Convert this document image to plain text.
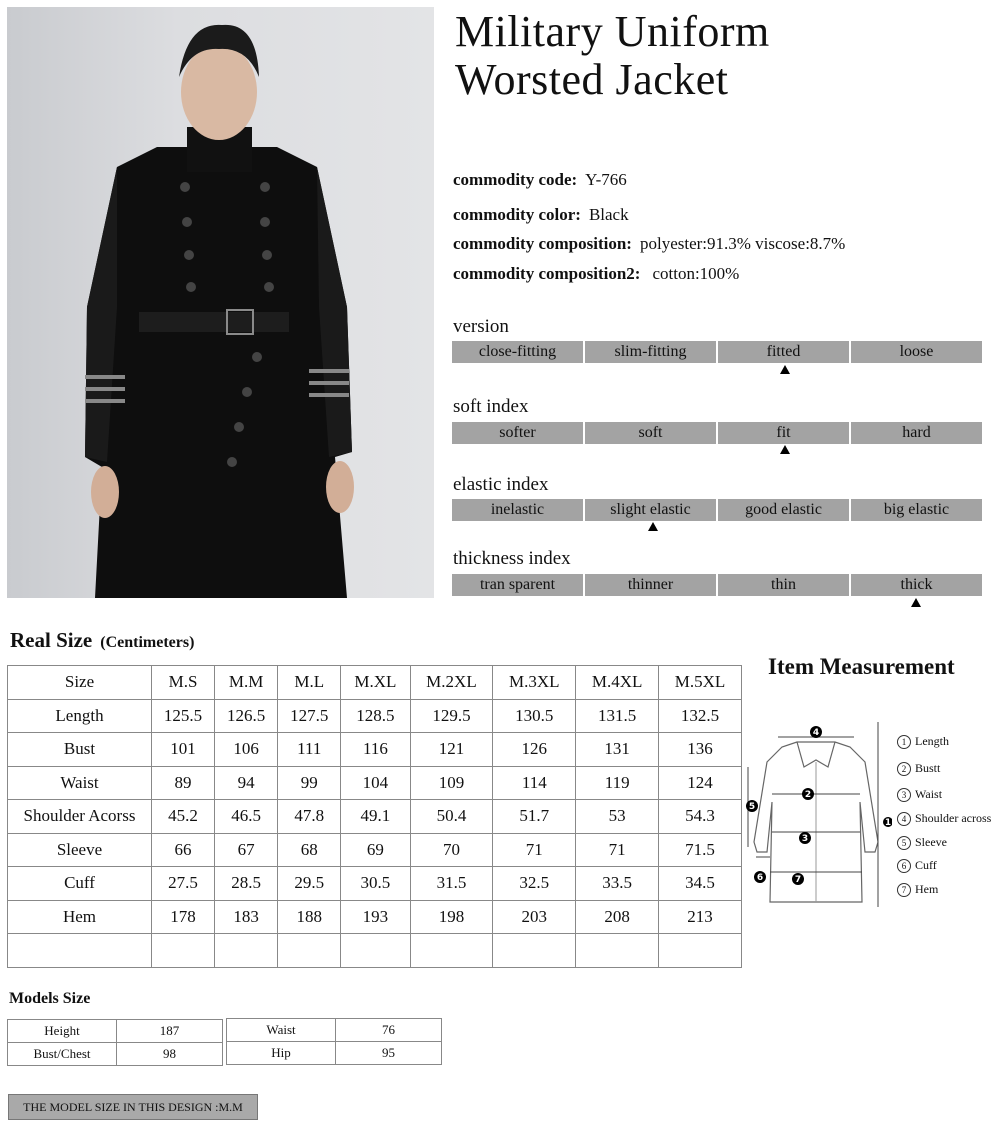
Military Uniform
Worsted Jacket
commodity code: Y-766
commodity color: Black
commodity composition: polyester:91.3% viscose:8.7%
commodity composition2: cotton:100%
version
close-fitting	slim-fitting	fitted	loose
soft index
softer	soft	fit	hard
elastic index
inelastic	slight elastic	good elastic	big elastic
thickness index
tran sparent	thinner	thin	thick
Real Size (Centimeters)
Size	M.S	M.M	M.L	M.XL	M.2XL	M.3XL	M.4XL	M.5XL
Length	125.5	126.5	127.5	128.5	129.5	130.5	131.5	132.5
Bust	101	106	111	116	121	126	131	136
Waist	89	94	99	104	109	114	119	124
Shoulder Acorss	45.2	46.5	47.8	49.1	50.4	51.7	53	54.3
Sleeve	66	67	68	69	70	71	71	71.5
Cuff	27.5	28.5	29.5	30.5	31.5	32.5	33.5	34.5
Hem	178	183	188	193	198	203	208	213

Item Measurement
4
2
3
5
6	7
1
1 Length
2 Bustt
3 Waist
4 Shoulder across
5 Sleeve
6 Cuff
7 Hem
Models Size
Height	187
Bust/Chest	98
Waist	76
Hip	95
THE MODEL SIZE IN THIS DESIGN :M.M
